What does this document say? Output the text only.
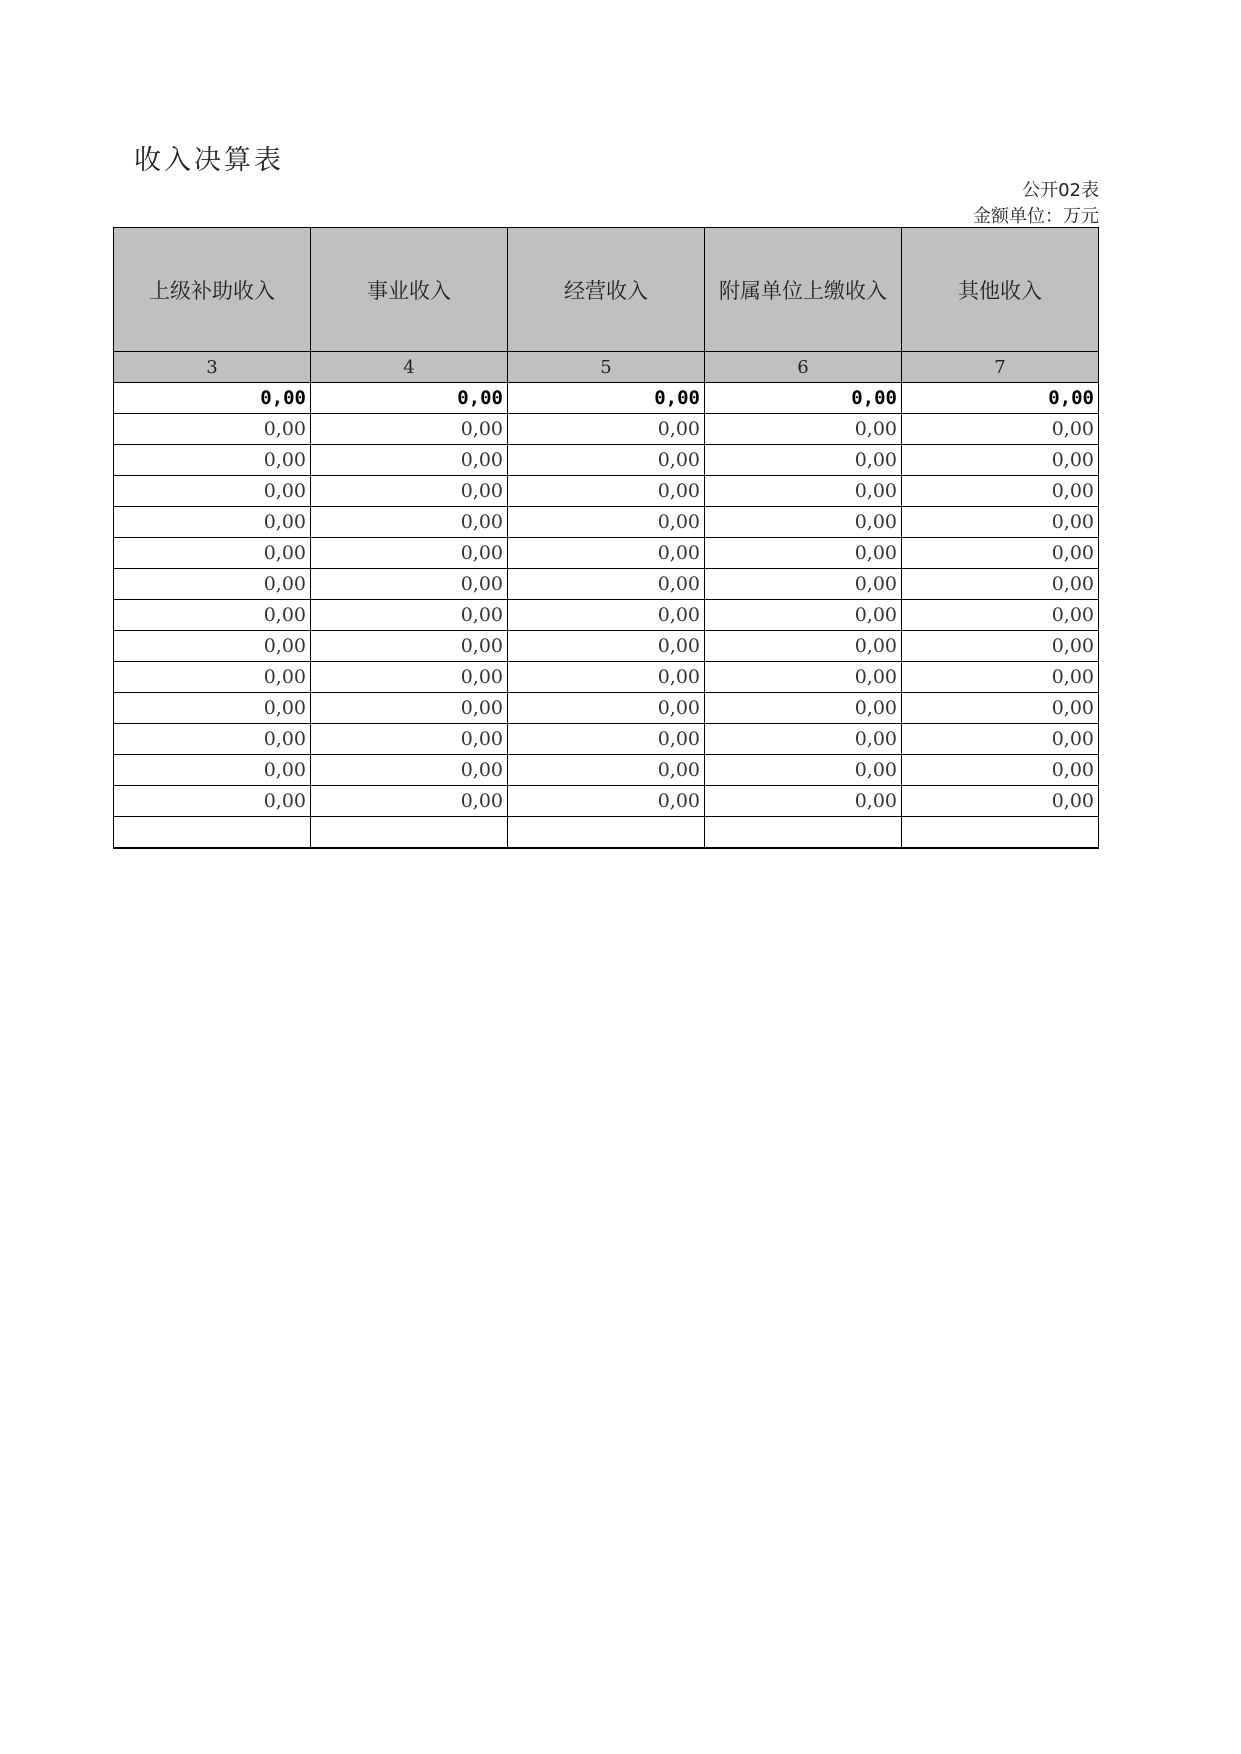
收入决算表
公开02表
金额单位：万元
上级补助收入	事业收入	经营收入	附属单位上缴收入	其他收入
3	4	5	6	7
0,00	0,00	0,00	0,00	0,00
0,00	0,00	0,00	0,00	0,00
0,00	0,00	0,00	0,00	0,00
0,00	0,00	0,00	0,00	0,00
0,00	0,00	0,00	0,00	0,00
0,00	0,00	0,00	0,00	0,00
0,00	0,00	0,00	0,00	0,00
0,00	0,00	0,00	0,00	0,00
0,00	0,00	0,00	0,00	0,00
0,00	0,00	0,00	0,00	0,00
0,00	0,00	0,00	0,00	0,00
0,00	0,00	0,00	0,00	0,00
0,00	0,00	0,00	0,00	0,00
0,00	0,00	0,00	0,00	0,00
